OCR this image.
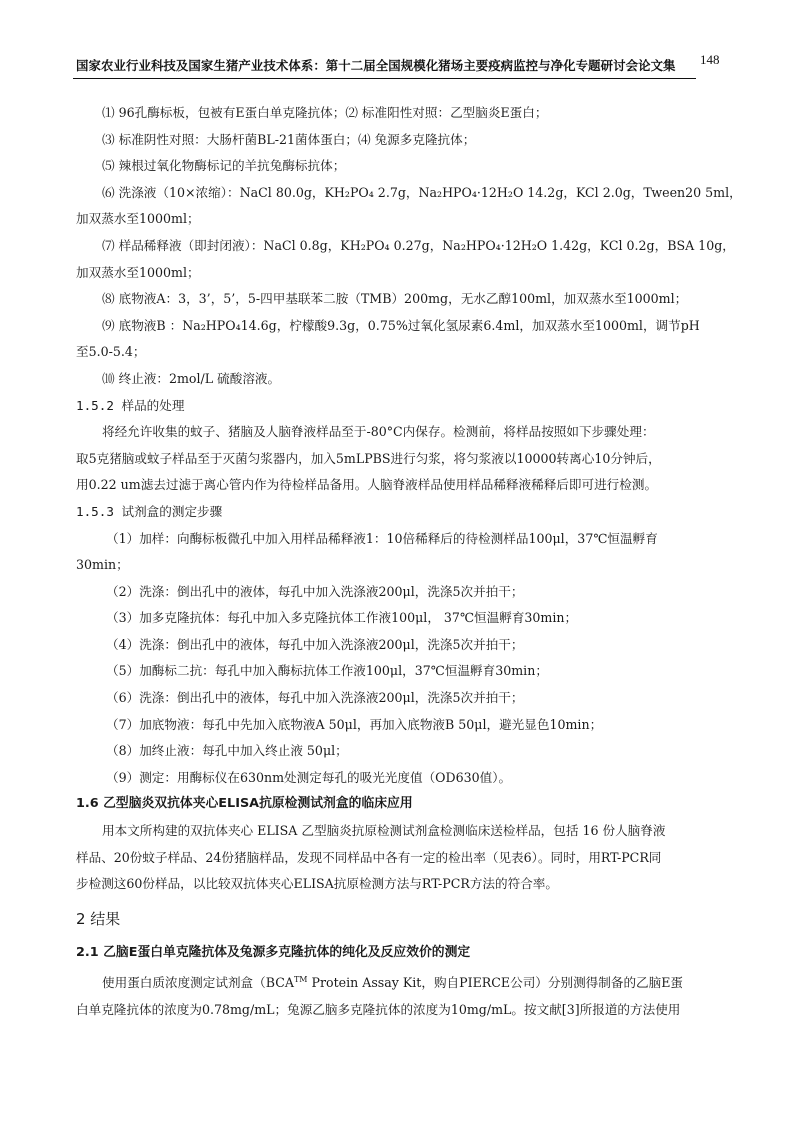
国家农业行业科技及国家生猪产业技术体系：第十二届全国规模化猪场主要疫病监控与净化专题研讨会论文集	148

⑴ 96孔酶标板，包被有E蛋白单克隆抗体；⑵ 标准阳性对照：乙型脑炎E蛋白；

⑶ 标准阴性对照：大肠杆菌BL-21菌体蛋白；⑷ 兔源多克隆抗体；

⑸ 辣根过氧化物酶标记的羊抗兔酶标抗体；

⑹ 洗涤液（10×浓缩）：NaCl 80.0g，KH₂PO₄ 2.7g，Na₂HPO₄·12H₂O 14.2g，KCl 2.0g，Tween20 5ml，

加双蒸水至1000ml；

⑺ 样品稀释液（即封闭液）：NaCl 0.8g，KH₂PO₄ 0.27g，Na₂HPO₄·12H₂O 1.42g，KCl 0.2g，BSA 10g，

加双蒸水至1000ml；

⑻ 底物液A：3，3’，5’，5-四甲基联苯二胺（TMB）200mg，无水乙醇100ml，加双蒸水至1000ml；

⑼ 底物液B ：Na₂HPO₄14.6g，柠檬酸9.3g，0.75%过氧化氢尿素6.4ml，加双蒸水至1000ml，调节pH

至5.0-5.4；

⑽ 终止液：2mol/L 硫酸溶液。

1.5.2 样品的处理

将经允许收集的蚊子、猪脑及人脑脊液样品至于-80°C内保存。检测前，将样品按照如下步骤处理：

取5克猪脑或蚊子样品至于灭菌匀浆器内，加入5mLPBS进行匀浆，将匀浆液以10000转离心10分钟后，

用0.22 um滤去过滤于离心管内作为待检样品备用。人脑脊液样品使用样品稀释液稀释后即可进行检测。

1.5.3 试剂盒的测定步骤

（1）加样：向酶标板微孔中加入用样品稀释液1：10倍稀释后的待检测样品100μl，37℃恒温孵育

30min；

（2）洗涤：倒出孔中的液体，每孔中加入洗涤液200μl，洗涤5次并拍干；

（3）加多克隆抗体：每孔中加入多克隆抗体工作液100μl， 37℃恒温孵育30min；

（4）洗涤：倒出孔中的液体，每孔中加入洗涤液200μl，洗涤5次并拍干；

（5）加酶标二抗：每孔中加入酶标抗体工作液100μl，37℃恒温孵育30min；

（6）洗涤：倒出孔中的液体，每孔中加入洗涤液200μl，洗涤5次并拍干；

（7）加底物液：每孔中先加入底物液A 50μl，再加入底物液B 50μl，避光显色10min；

（8）加终止液：每孔中加入终止液 50μl；

（9）测定：用酶标仪在630nm处测定每孔的吸光光度值（OD630值）。

1.6 乙型脑炎双抗体夹心ELISA抗原检测试剂盒的临床应用

用本文所构建的双抗体夹心 ELISA 乙型脑炎抗原检测试剂盒检测临床送检样品，包括 16 份人脑脊液

样品、20份蚊子样品、24份猪脑样品，发现不同样品中各有一定的检出率（见表6）。同时，用RT-PCR同

步检测这60份样品，以比较双抗体夹心ELISA抗原检测方法与RT-PCR方法的符合率。

2 结果

2.1 乙脑E蛋白单克隆抗体及兔源多克隆抗体的纯化及反应效价的测定

使用蛋白质浓度测定试剂盒（BCA™ Protein Assay Kit，购自PIERCE公司）分别测得制备的乙脑E蛋

白单克隆抗体的浓度为0.78mg/mL；兔源乙脑多克隆抗体的浓度为10mg/mL。按文献[3]所报道的方法使用
